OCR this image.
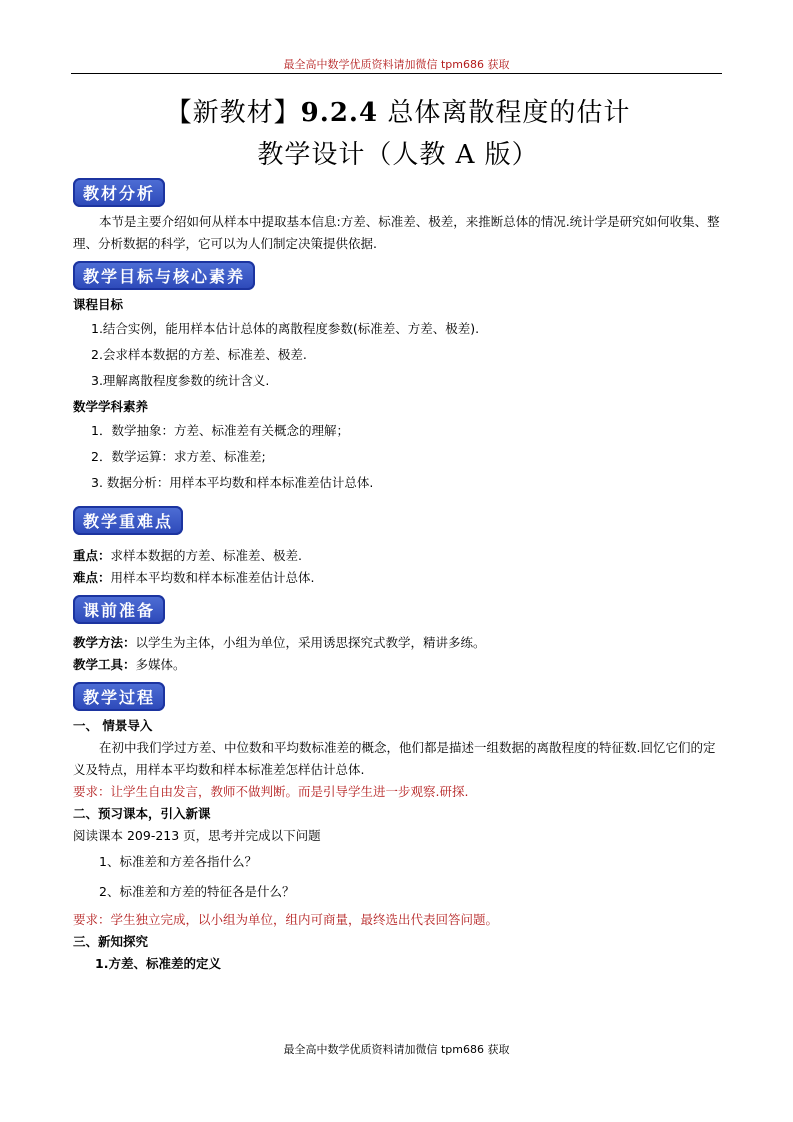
最全高中数学优质资料请加微信 tpm686 获取
【新教材】9.2.4 总体离散程度的估计
教学设计（人教 A 版）
教材分析

本节是主要介绍如何从样本中提取基本信息:方差、标准差、极差，来推断总体的情况.统计学是研究如何收集、整理、分析数据的科学，它可以为人们制定决策提供依据.

教学目标与核心素养

课程目标

1.结合实例，能用样本估计总体的离散程度参数(标准差、方差、极差).

2.会求样本数据的方差、标准差、极差.

3.理解离散程度参数的统计含义.

数学学科素养

1．数学抽象：方差、标准差有关概念的理解；

2．数学运算：求方差、标准差;

3. 数据分析：用样本平均数和样本标准差估计总体.

教学重难点

重点：求样本数据的方差、标准差、极差.

难点：用样本平均数和样本标准差估计总体.

课前准备

教学方法：以学生为主体，小组为单位，采用诱思探究式教学，精讲多练。

教学工具：多媒体。

教学过程

一、 情景导入

在初中我们学过方差、中位数和平均数标准差的概念，他们都是描述一组数据的离散程度的特征数.回忆它们的定义及特点，用样本平均数和样本标准差怎样估计总体.

要求：让学生自由发言，教师不做判断。而是引导学生进一步观察.研探.

二、预习课本，引入新课

阅读课本 209-213 页，思考并完成以下问题

1、标准差和方差各指什么？

2、标准差和方差的特征各是什么？

要求：学生独立完成，以小组为单位，组内可商量，最终选出代表回答问题。

三、新知探究

1.方差、标准差的定义

最全高中数学优质资料请加微信 tpm686 获取
